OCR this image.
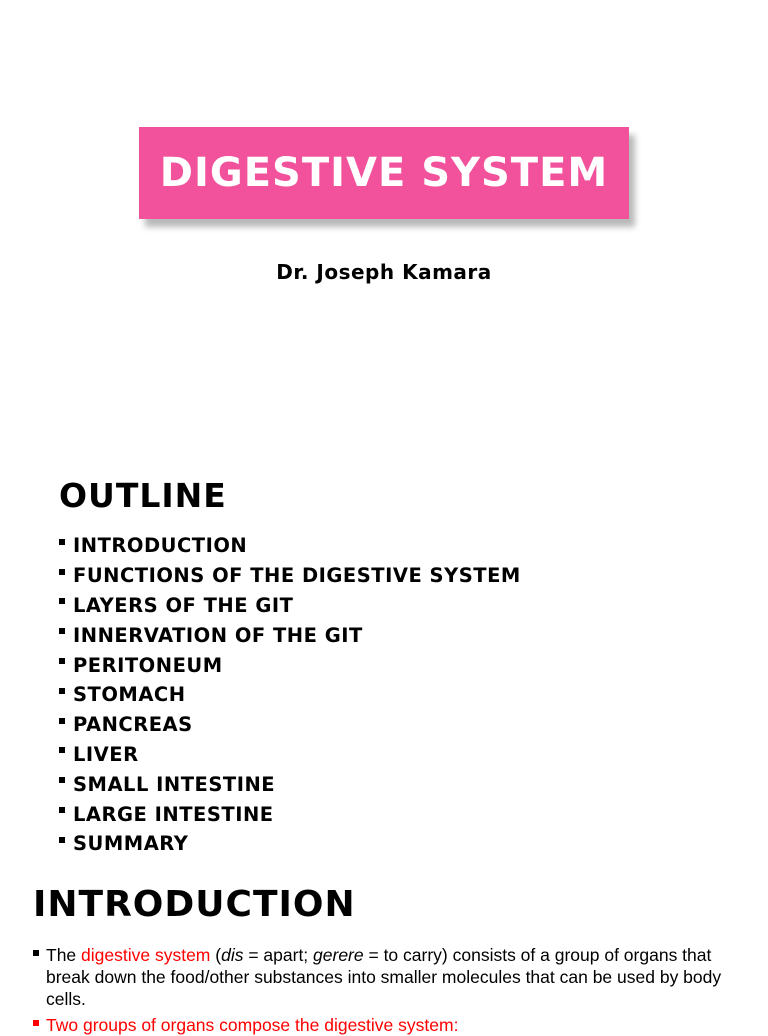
DIGESTIVE SYSTEM
Dr. Joseph Kamara
OUTLINE
INTRODUCTION
FUNCTIONS OF THE DIGESTIVE SYSTEM
LAYERS OF THE GIT
INNERVATION OF THE GIT
PERITONEUM
STOMACH
PANCREAS
LIVER
SMALL INTESTINE
LARGE INTESTINE
SUMMARY
INTRODUCTION
The digestive system (dis = apart; gerere = to carry) consists of a group of organs that break down the food/other substances into smaller molecules that can be used by body cells.
Two groups of organs compose the digestive system:
